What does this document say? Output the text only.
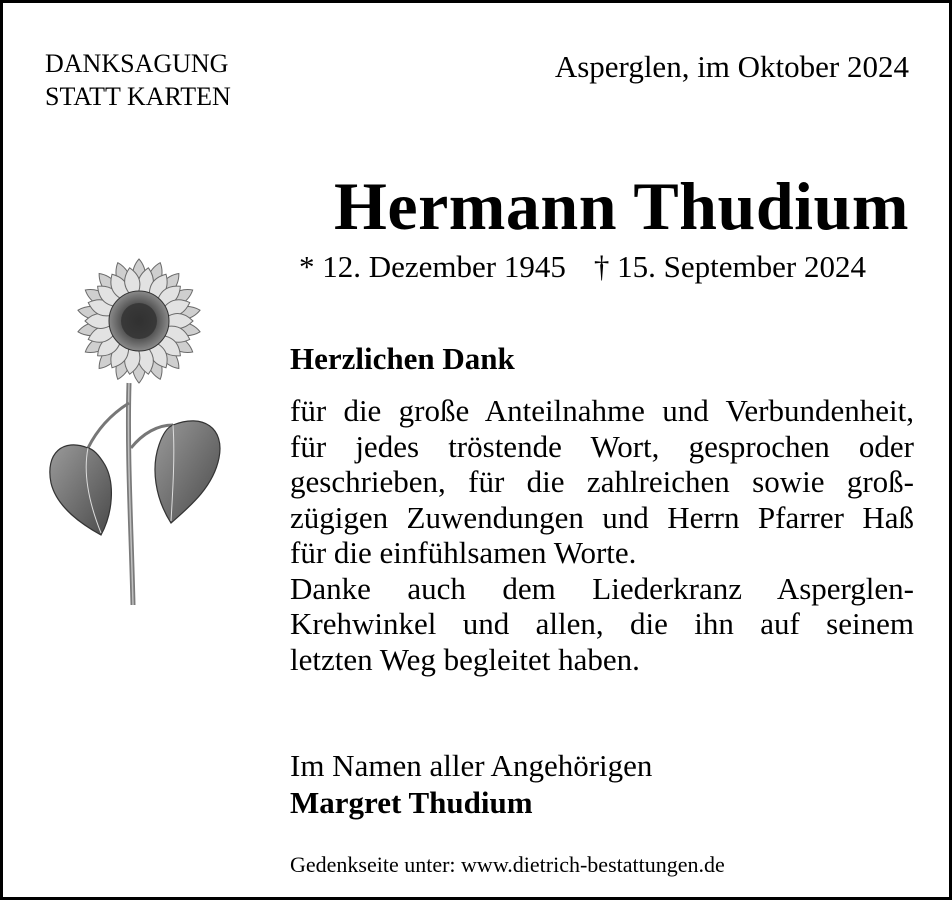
DANKSAGUNG
STATT KARTEN
Asperglen, im Oktober 2024
Hermann Thudium
* 12. Dezember 1945 † 15. September 2024
Herzlichen Dank
für die große Anteilnahme und Verbundenheit,
für jedes tröstende Wort, gesprochen oder
geschrieben, für die zahlreichen sowie groß-
zügigen Zuwendungen und Herrn Pfarrer Haß
für die einfühlsamen Worte.
Danke auch dem Liederkranz Asperglen-
Krehwinkel und allen, die ihn auf seinem
letzten Weg begleitet haben.
Im Namen aller Angehörigen
Margret Thudium
Gedenkseite unter: www.dietrich-bestattungen.de
